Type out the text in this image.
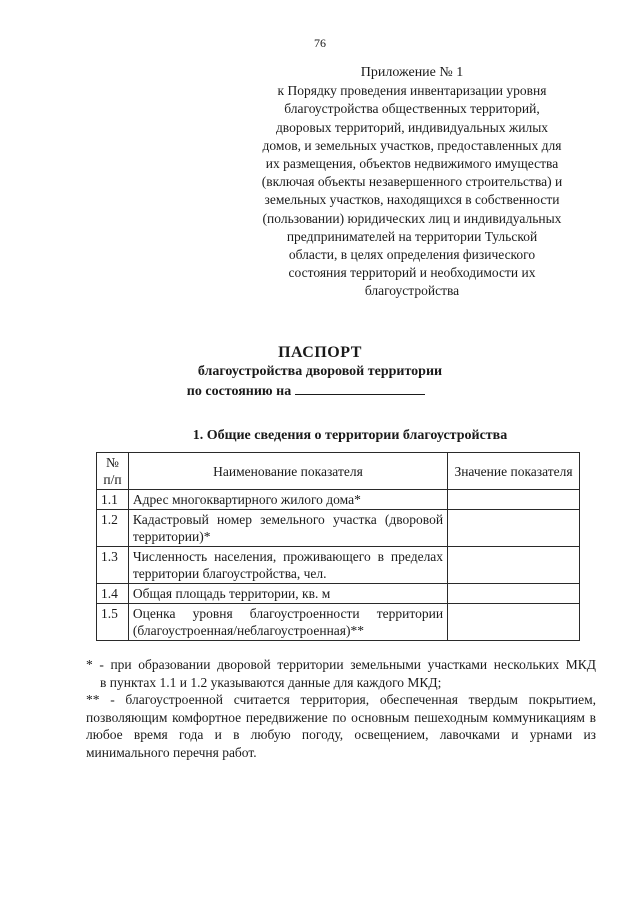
76
Приложение № 1
к Порядку проведения инвентаризации уровня
благоустройства общественных территорий,
дворовых территорий, индивидуальных жилых
домов, и земельных участков, предоставленных для
их размещения, объектов недвижимого имущества
(включая объекты незавершенного строительства) и
земельных участков, находящихся в собственности
(пользовании) юридических лиц и индивидуальных
предпринимателей на территории Тульской
области, в целях определения физического
состояния территорий и необходимости их
благоустройства
ПАСПОРТ
благоустройства дворовой территории
по состоянию на
1. Общие сведения о территории благоустройства
№ п/п	Наименование показателя	Значение показателя
1.1	Адрес многоквартирного жилого дома*	
1.2	Кадастровый номер земельного участка (дворовой территории)*	
1.3	Численность населения, проживающего в пределах территории благоустройства, чел.	
1.4	Общая площадь территории, кв. м	
1.5	Оценка уровня благоустроенности территории (благоустроенная/неблагоустроенная)**	
* - при образовании дворовой территории земельными участками нескольких МКД
в пунктах 1.1 и 1.2 указываются данные для каждого МКД;
** - благоустроенной считается территория, обеспеченная твердым покрытием, позволяющим комфортное передвижение по основным пешеходным коммуникациям в любое время года и в любую погоду, освещением, лавочками и урнами из минимального перечня работ.
